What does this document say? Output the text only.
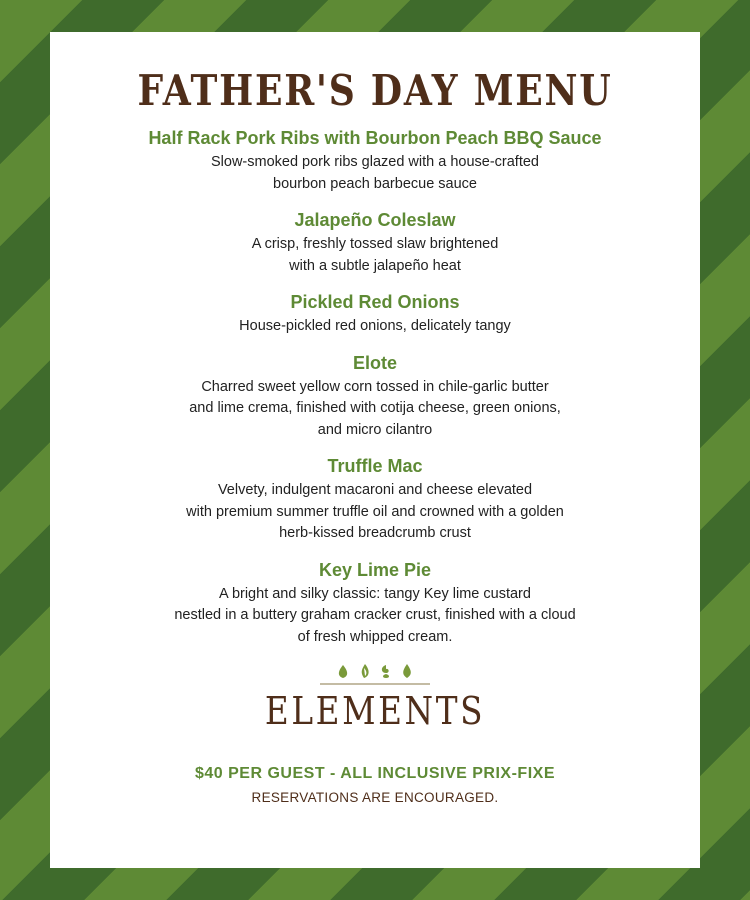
FATHER'S DAY MENU
Half Rack Pork Ribs with Bourbon Peach BBQ Sauce
Slow-smoked pork ribs glazed with a house-crafted
bourbon peach barbecue sauce
Jalapeño Coleslaw
A crisp, freshly tossed slaw brightened
with a subtle jalapeño heat
Pickled Red Onions
House-pickled red onions, delicately tangy
Elote
Charred sweet yellow corn tossed in chile-garlic butter
and lime crema, finished with cotija cheese, green onions,
and micro cilantro
Truffle Mac
Velvety, indulgent macaroni and cheese elevated
with premium summer truffle oil and crowned with a golden
herb-kissed breadcrumb crust
Key Lime Pie
A bright and silky classic: tangy Key lime custard
nestled in a buttery graham cracker crust, finished with a cloud
of fresh whipped cream.
ELEMENTS
$40 PER GUEST - ALL INCLUSIVE PRIX-FIXE
RESERVATIONS ARE ENCOURAGED.
